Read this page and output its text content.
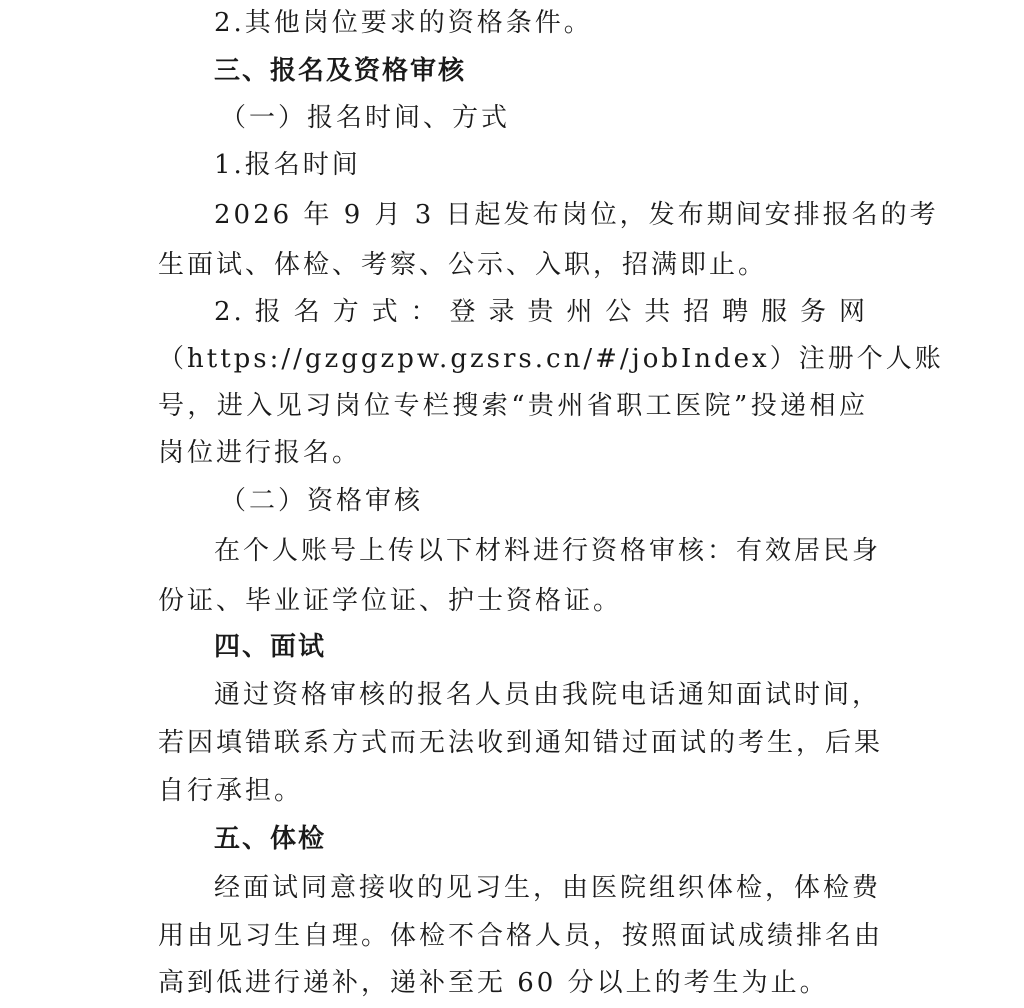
2.其他岗位要求的资格条件。
三、报名及资格审核
（一）报名时间、方式
1.报名时间
2026 年 9 月 3 日起发布岗位，发布期间安排报名的考
生面试、体检、考察、公示、入职，招满即止。
2.报名方式：登录贵州公共招聘服务网
（https://gzggzpw.gzsrs.cn/#/jobIndex）注册个人账
号，进入见习岗位专栏搜索“贵州省职工医院”投递相应
岗位进行报名。
（二）资格审核
在个人账号上传以下材料进行资格审核：有效居民身
份证、毕业证学位证、护士资格证。
四、面试
通过资格审核的报名人员由我院电话通知面试时间，
若因填错联系方式而无法收到通知错过面试的考生，后果
自行承担。
五、体检
经面试同意接收的见习生，由医院组织体检，体检费
用由见习生自理。体检不合格人员，按照面试成绩排名由
高到低进行递补，递补至无 60 分以上的考生为止。
